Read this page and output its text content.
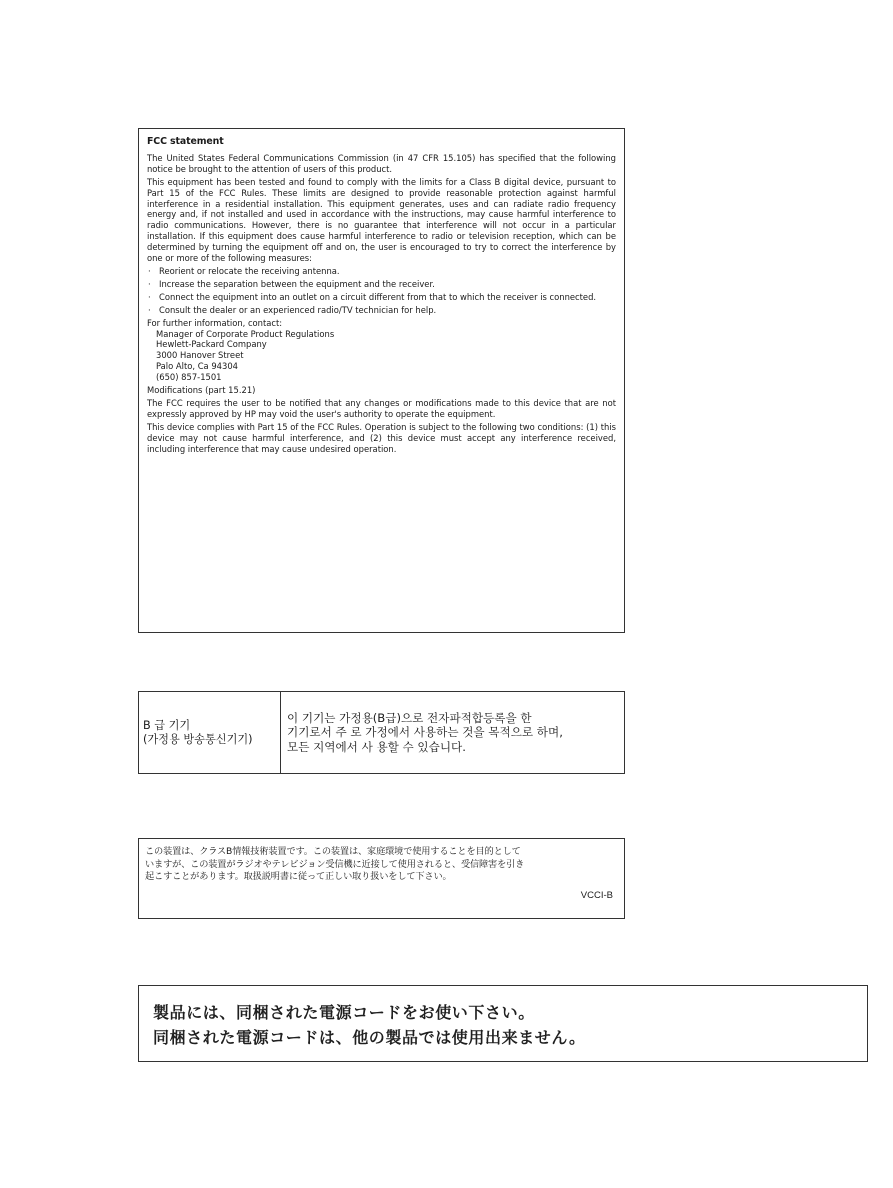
FCC statement

The United States Federal Communications Commission (in 47 CFR 15.105) has specified that the following notice be brought to the attention of users of this product.

This equipment has been tested and found to comply with the limits for a Class B digital device, pursuant to Part 15 of the FCC Rules. These limits are designed to provide reasonable protection against harmful interference in a residential installation. This equipment generates, uses and can radiate radio frequency energy and, if not installed and used in accordance with the instructions, may cause harmful interference to radio communications. However, there is no guarantee that interference will not occur in a particular installation. If this equipment does cause harmful interference to radio or television reception, which can be determined by turning the equipment off and on, the user is encouraged to try to correct the interference by one or more of the following measures:

· Reorient or relocate the receiving antenna.
· Increase the separation between the equipment and the receiver.
· Connect the equipment into an outlet on a circuit different from that to which the receiver is connected.
· Consult the dealer or an experienced radio/TV technician for help.
For further information, contact:
Manager of Corporate Product Regulations
Hewlett-Packard Company
3000 Hanover Street
Palo Alto, Ca 94304
(650) 857-1501

Modifications (part 15.21)

The FCC requires the user to be notified that any changes or modifications made to this device that are not expressly approved by HP may void the user's authority to operate the equipment.

This device complies with Part 15 of the FCC Rules. Operation is subject to the following two conditions: (1) this device may not cause harmful interference, and (2) this device must accept any interference received, including interference that may cause undesired operation.

B 급 기기
(가정용 방송통신기기)
이 기기는 가정용(B급)으로 전자파적합등록을 한
기기로서 주 로 가정에서 사용하는 것을 목적으로 하며,
모든 지역에서 사 용할 수 있습니다.
この装置は、クラスB情報技術装置です。この装置は、家庭環境で使用することを目的として
いますが、この装置がラジオやテレビジョン受信機に近接して使用されると、受信障害を引き
起こすことがあります。取扱説明書に従って正しい取り扱いをして下さい。
VCCI-B
製品には、同梱された電源コードをお使い下さい。
同梱された電源コードは、他の製品では使用出来ません。
